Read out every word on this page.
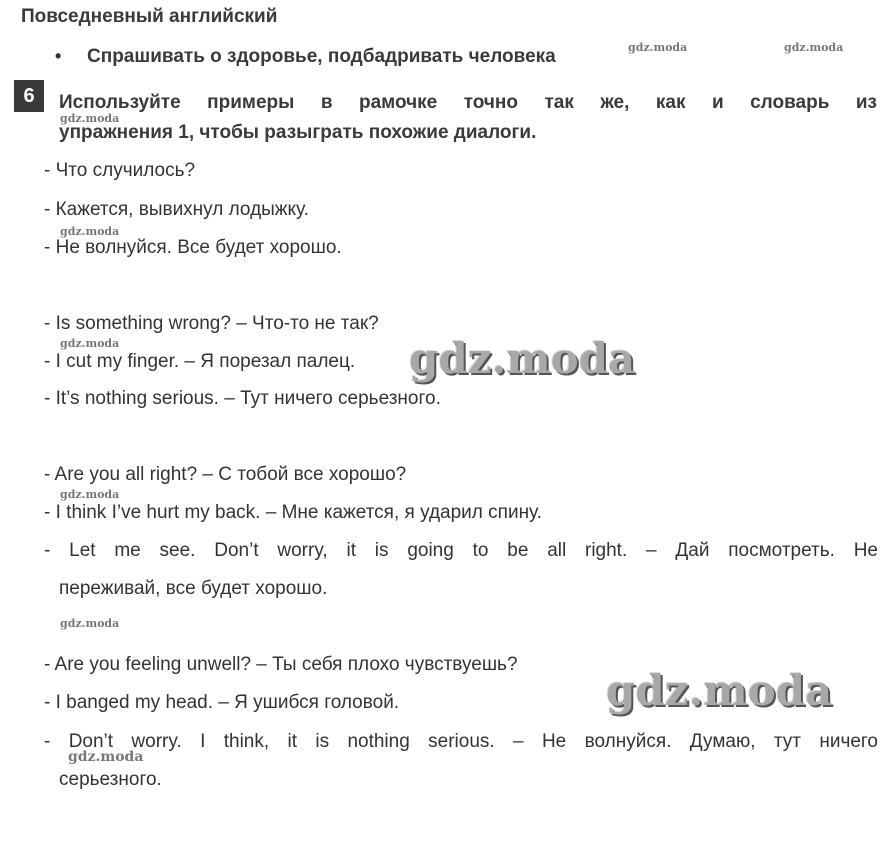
Повседневный английский
• Спрашивать о здоровье, подбадривать человека
6 Используйте примеры в рамочке точно так же, как и словарь из
упражнения 1, чтобы разыграть похожие диалоги.
- Что случилось?
- Кажется, вывихнул лодыжку.
- Не волнуйся. Все будет хорошо.
- Is something wrong? – Что-то не так?
- I cut my finger. – Я порезал палец.
- It’s nothing serious. – Тут ничего серьезного.
- Are you all right? – С тобой все хорошо?
- I think I’ve hurt my back. – Мне кажется, я ударил спину.
- Let me see. Don’t worry, it is going to be all right. – Дай посмотреть. Не
переживай, все будет хорошо.
- Are you feeling unwell? – Ты себя плохо чувствуешь?
- I banged my head. – Я ушибся головой.
- Don’t worry. I think, it is nothing serious. – Не волнуйся. Думаю, тут ничего
серьезного.
gdz.moda	gdz.moda
gdz.moda
gdz.moda
gdz.moda
gdz.moda
gdz.moda
gdz.moda
gdz.moda
gdz.moda
